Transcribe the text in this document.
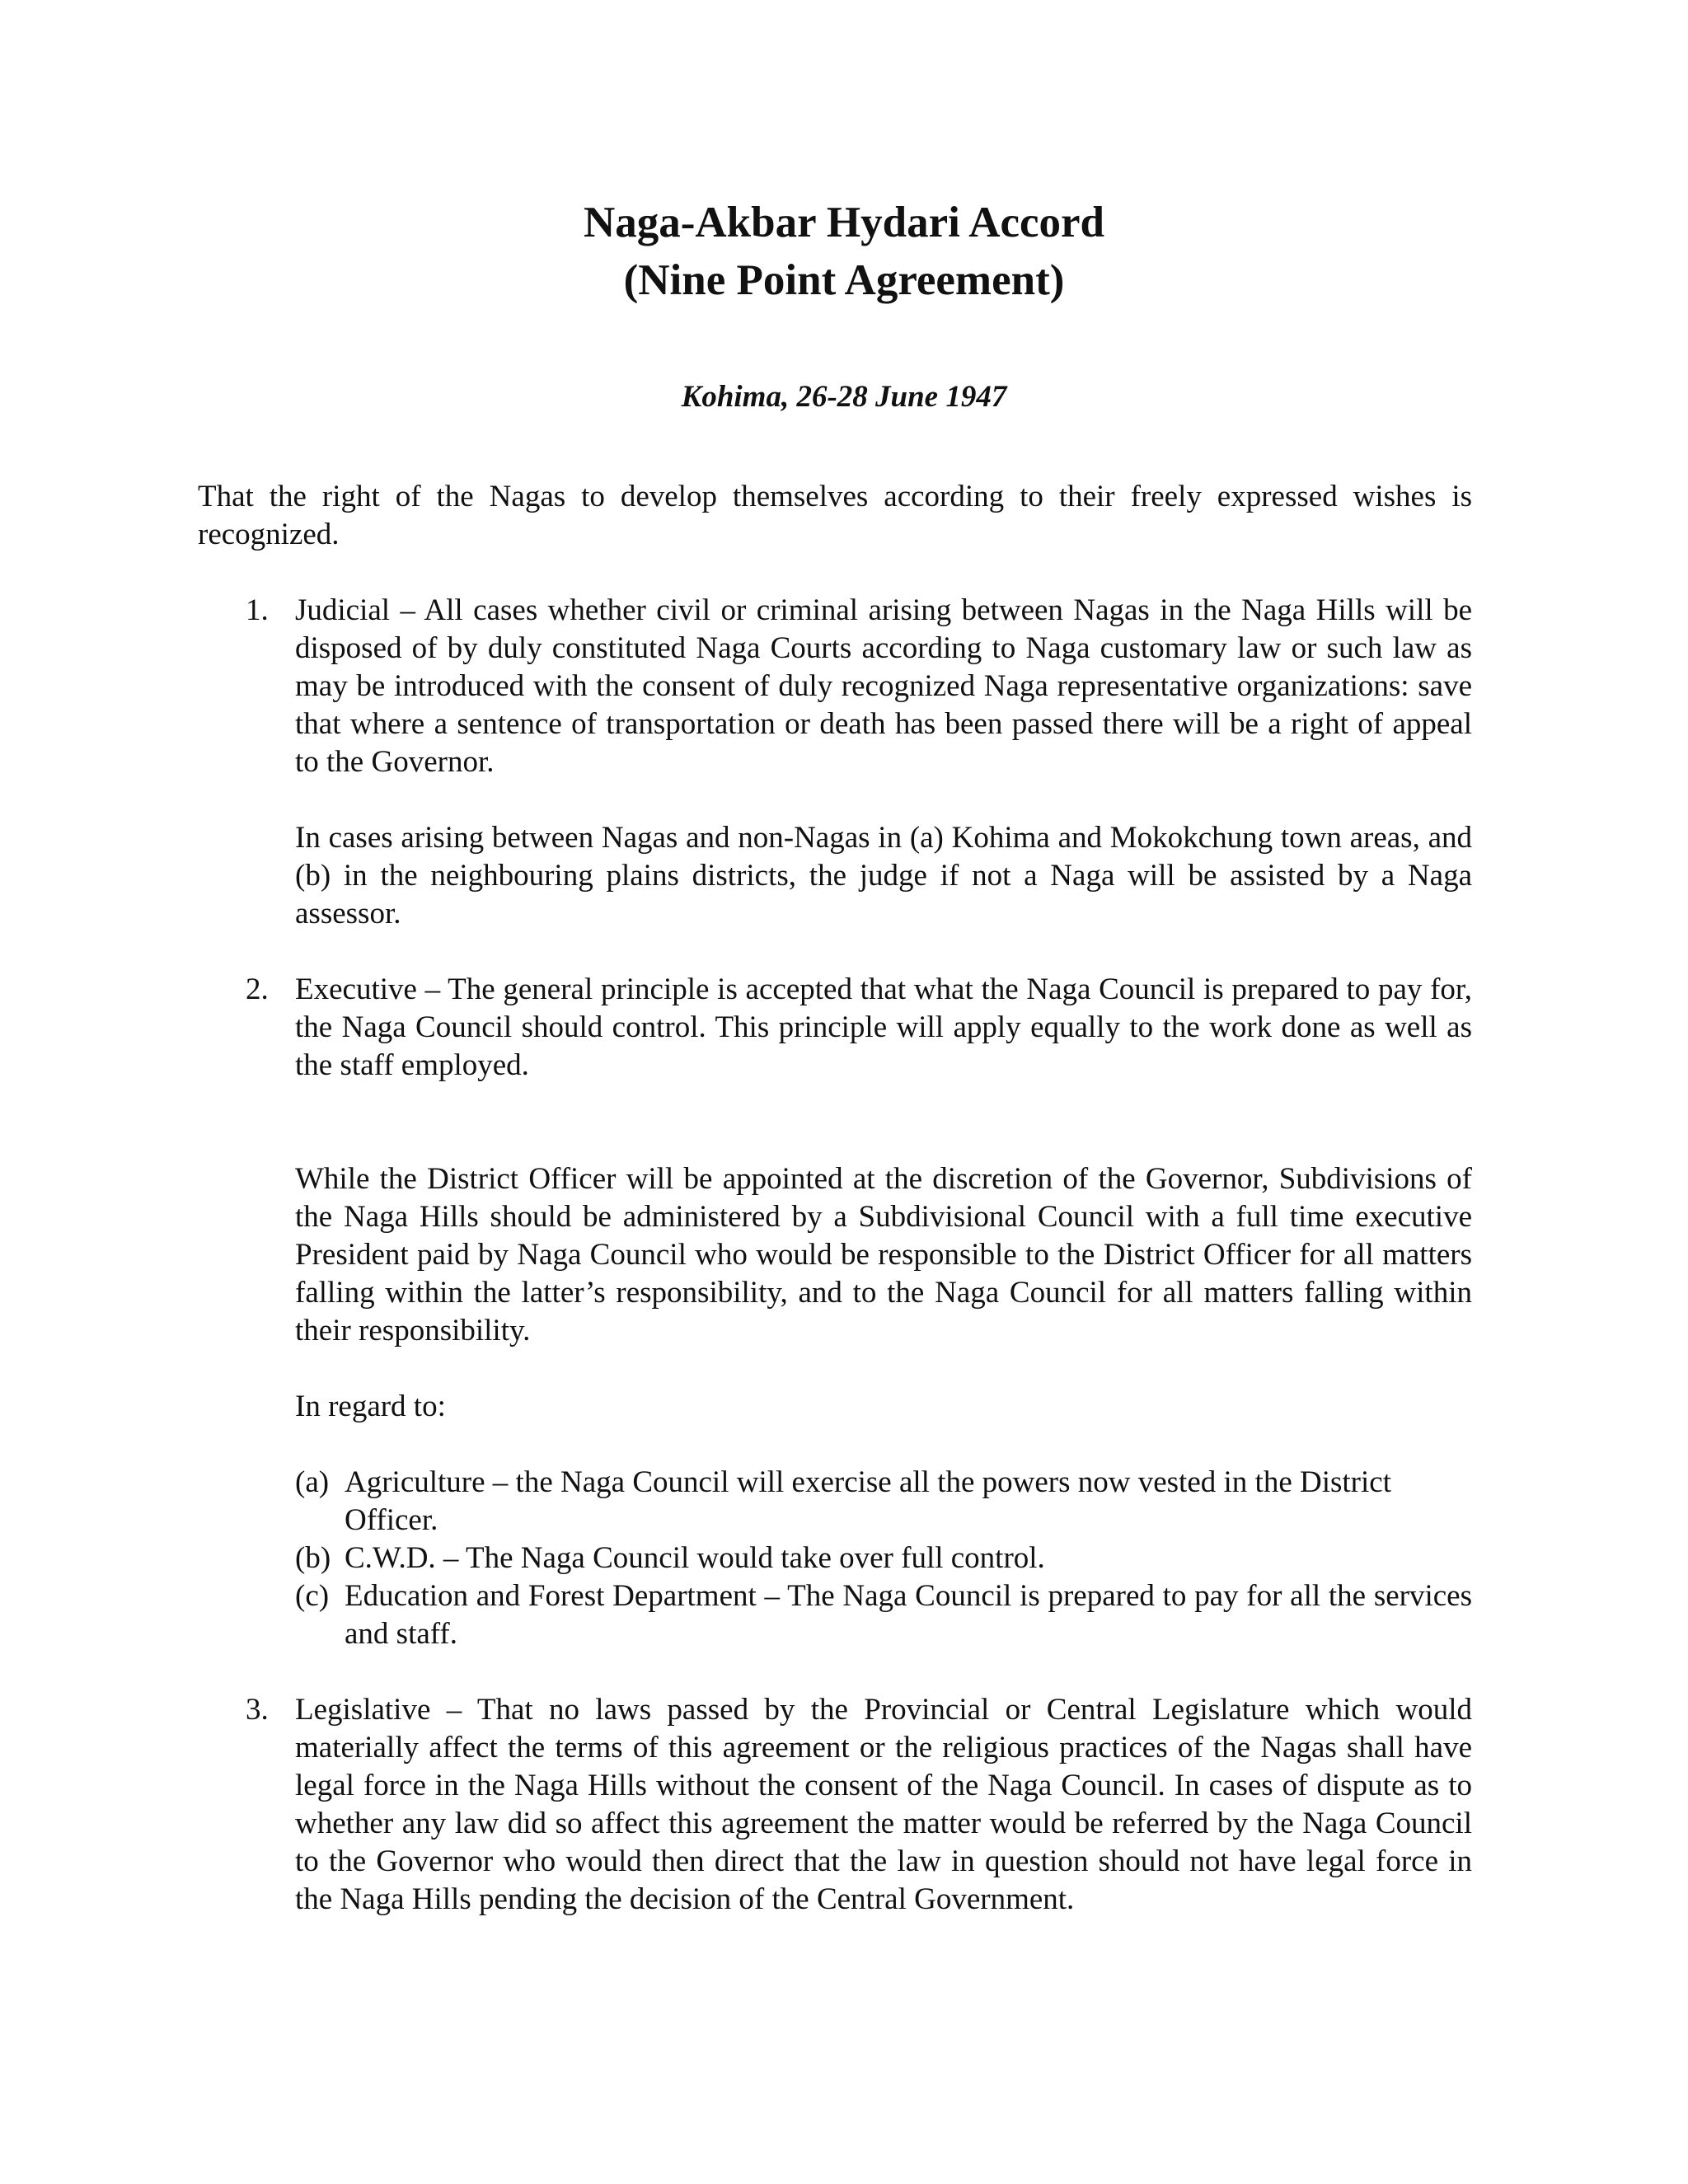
Naga-Akbar Hydari Accord
(Nine Point Agreement)
Kohima, 26-28 June 1947

That the right of the Nagas to develop themselves according to their freely expressed wishes is recognized.

1. Judicial – All cases whether civil or criminal arising between Nagas in the Naga Hills will be disposed of by duly constituted Naga Courts according to Naga customary law or such law as may be introduced with the consent of duly recognized Naga representative organizations: save that where a sentence of transportation or death has been passed there will be a right of appeal to the Governor.

In cases arising between Nagas and non-Nagas in (a) Kohima and Mokokchung town areas, and (b) in the neighbouring plains districts, the judge if not a Naga will be assisted by a Naga assessor.

2. Executive – The general principle is accepted that what the Naga Council is prepared to pay for, the Naga Council should control. This principle will apply equally to the work done as well as the staff employed.

While the District Officer will be appointed at the discretion of the Governor, Subdivisions of the Naga Hills should be administered by a Subdivisional Council with a full time executive President paid by Naga Council who would be responsible to the District Officer for all matters falling within the latter’s responsibility, and to the Naga Council for all matters falling within their responsibility.

In regard to:

(a) Agriculture – the Naga Council will exercise all the powers now vested in the District Officer.

(b) C.W.D. – The Naga Council would take over full control.

(c) Education and Forest Department – The Naga Council is prepared to pay for all the services and staff.

3. Legislative – That no laws passed by the Provincial or Central Legislature which would materially affect the terms of this agreement or the religious practices of the Nagas shall have legal force in the Naga Hills without the consent of the Naga Council. In cases of dispute as to whether any law did so affect this agreement the matter would be referred by the Naga Council to the Governor who would then direct that the law in question should not have legal force in the Naga Hills pending the decision of the Central Government.
